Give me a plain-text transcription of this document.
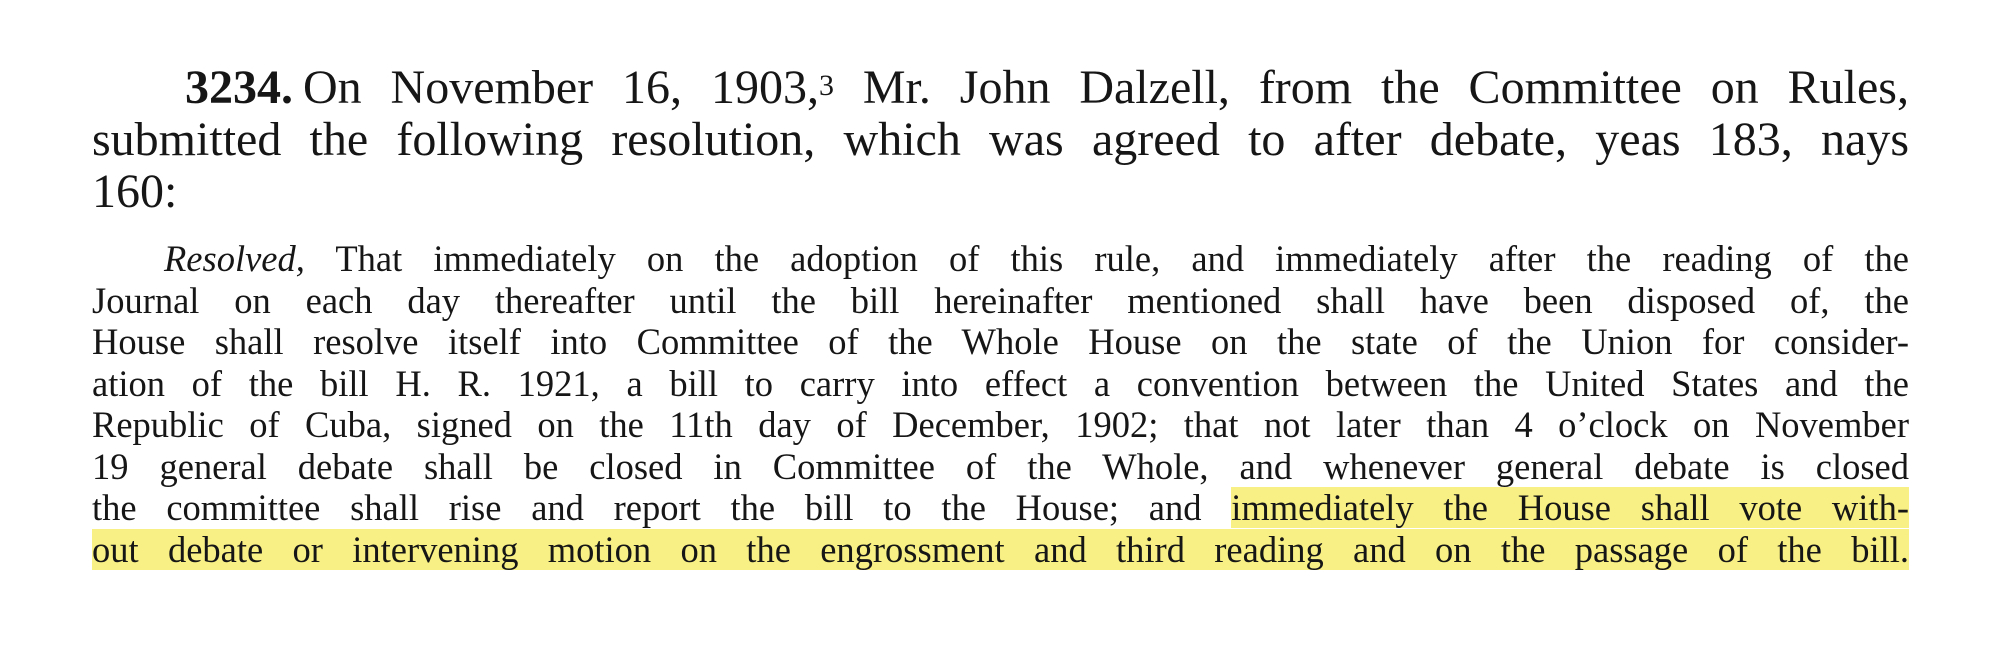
3234. On November 16, 1903,$^3$ Mr. John Dalzell, from the Committee on Rules,
submitted the following resolution, which was agreed to after debate, yeas 183, nays
160:
Resolved, That immediately on the adoption of this rule, and immediately after the reading of the
Journal on each day thereafter until the bill hereinafter mentioned shall have been disposed of, the
House shall resolve itself into Committee of the Whole House on the state of the Union for consider-
ation of the bill H. R. 1921, a bill to carry into effect a convention between the United States and the
Republic of Cuba, signed on the 11th day of December, 1902; that not later than 4 o’clock on November
19 general debate shall be closed in Committee of the Whole, and whenever general debate is closed
the committee shall rise and report the bill to the House; and immediately the House shall vote with-
out debate or intervening motion on the engrossment and third reading and on the passage of the bill.
